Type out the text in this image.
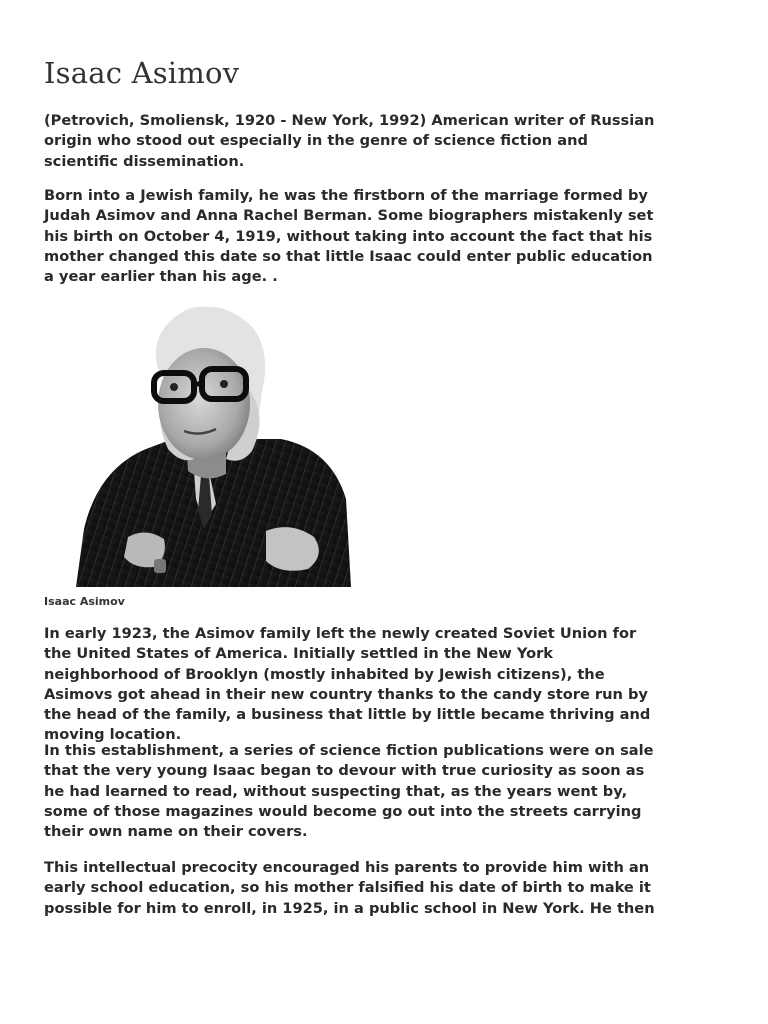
Isaac Asimov

(Petrovich, Smoliensk, 1920 - New York, 1992) American writer of Russian origin who stood out especially in the genre of science fiction and scientific dissemination.

Born into a Jewish family, he was the firstborn of the marriage formed by Judah Asimov and Anna Rachel Berman. Some biographers mistakenly set his birth on October 4, 1919, without taking into account the fact that his mother changed this date so that little Isaac could enter public education a year earlier than his age. .

Isaac Asimov

In early 1923, the Asimov family left the newly created Soviet Union for the United States of America. Initially settled in the New York neighborhood of Brooklyn (mostly inhabited by Jewish citizens), the Asimovs got ahead in their new country thanks to the candy store run by the head of the family, a business that little by little became thriving and moving location.

In this establishment, a series of science fiction publications were on sale that the very young Isaac began to devour with true curiosity as soon as he had learned to read, without suspecting that, as the years went by, some of those magazines would become go out into the streets carrying their own name on their covers.

This intellectual precocity encouraged his parents to provide him with an early school education, so his mother falsified his date of birth to make it possible for him to enroll, in 1925, in a public school in New York. He then
